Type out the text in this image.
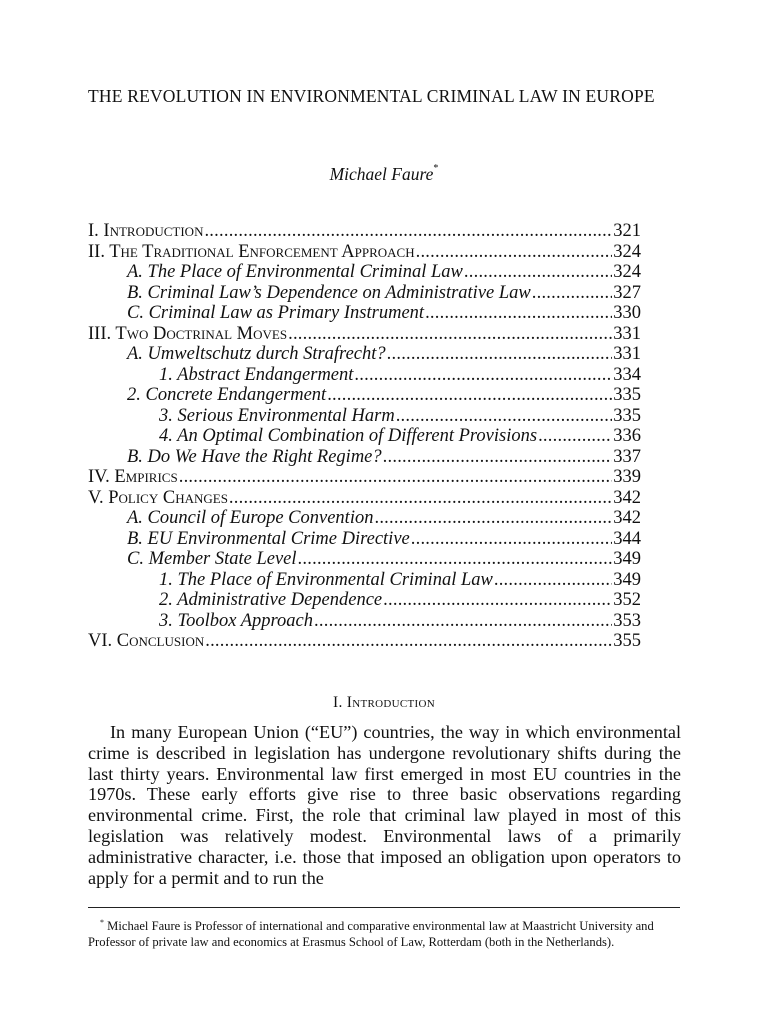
THE REVOLUTION IN ENVIRONMENTAL CRIMINAL LAW IN EUROPE
Michael Faure*
I. Introduction . . .	321
II. The Traditional Enforcement Approach . . .	324
A. The Place of Environmental Criminal Law . . .	324
B. Criminal Law’s Dependence on Administrative Law . . .	327
C. Criminal Law as Primary Instrument . . .	330
III. Two Doctrinal Moves . . .	331
A. Umweltschutz durch Strafrecht? . . .	331
1. Abstract Endangerment . . .	334
2. Concrete Endangerment . . .	335
3. Serious Environmental Harm . . .	335
4. An Optimal Combination of Different Provisions . . .	336
B. Do We Have the Right Regime? . . .	337
IV. Empirics . . .	339
V. Policy Changes . . .	342
A. Council of Europe Convention . . .	342
B. EU Environmental Crime Directive . . .	344
C. Member State Level . . .	349
1. The Place of Environmental Criminal Law . . .	349
2. Administrative Dependence . . .	352
3. Toolbox Approach . . .	353
VI. Conclusion . . .	355
I. Introduction
In many European Union (“EU”) countries, the way in which environmental crime is described in legislation has undergone revolutionary shifts during the last thirty years. Environmental law first emerged in most EU countries in the 1970s. These early efforts give rise to three basic observations regarding environmental crime. First, the role that criminal law played in most of this legislation was relatively modest. Environmental laws of a primarily administrative character, i.e. those that imposed an obligation upon operators to apply for a permit and to run the
* Michael Faure is Professor of international and comparative environmental law at Maastricht University and Professor of private law and economics at Erasmus School of Law, Rotterdam (both in the Netherlands).
